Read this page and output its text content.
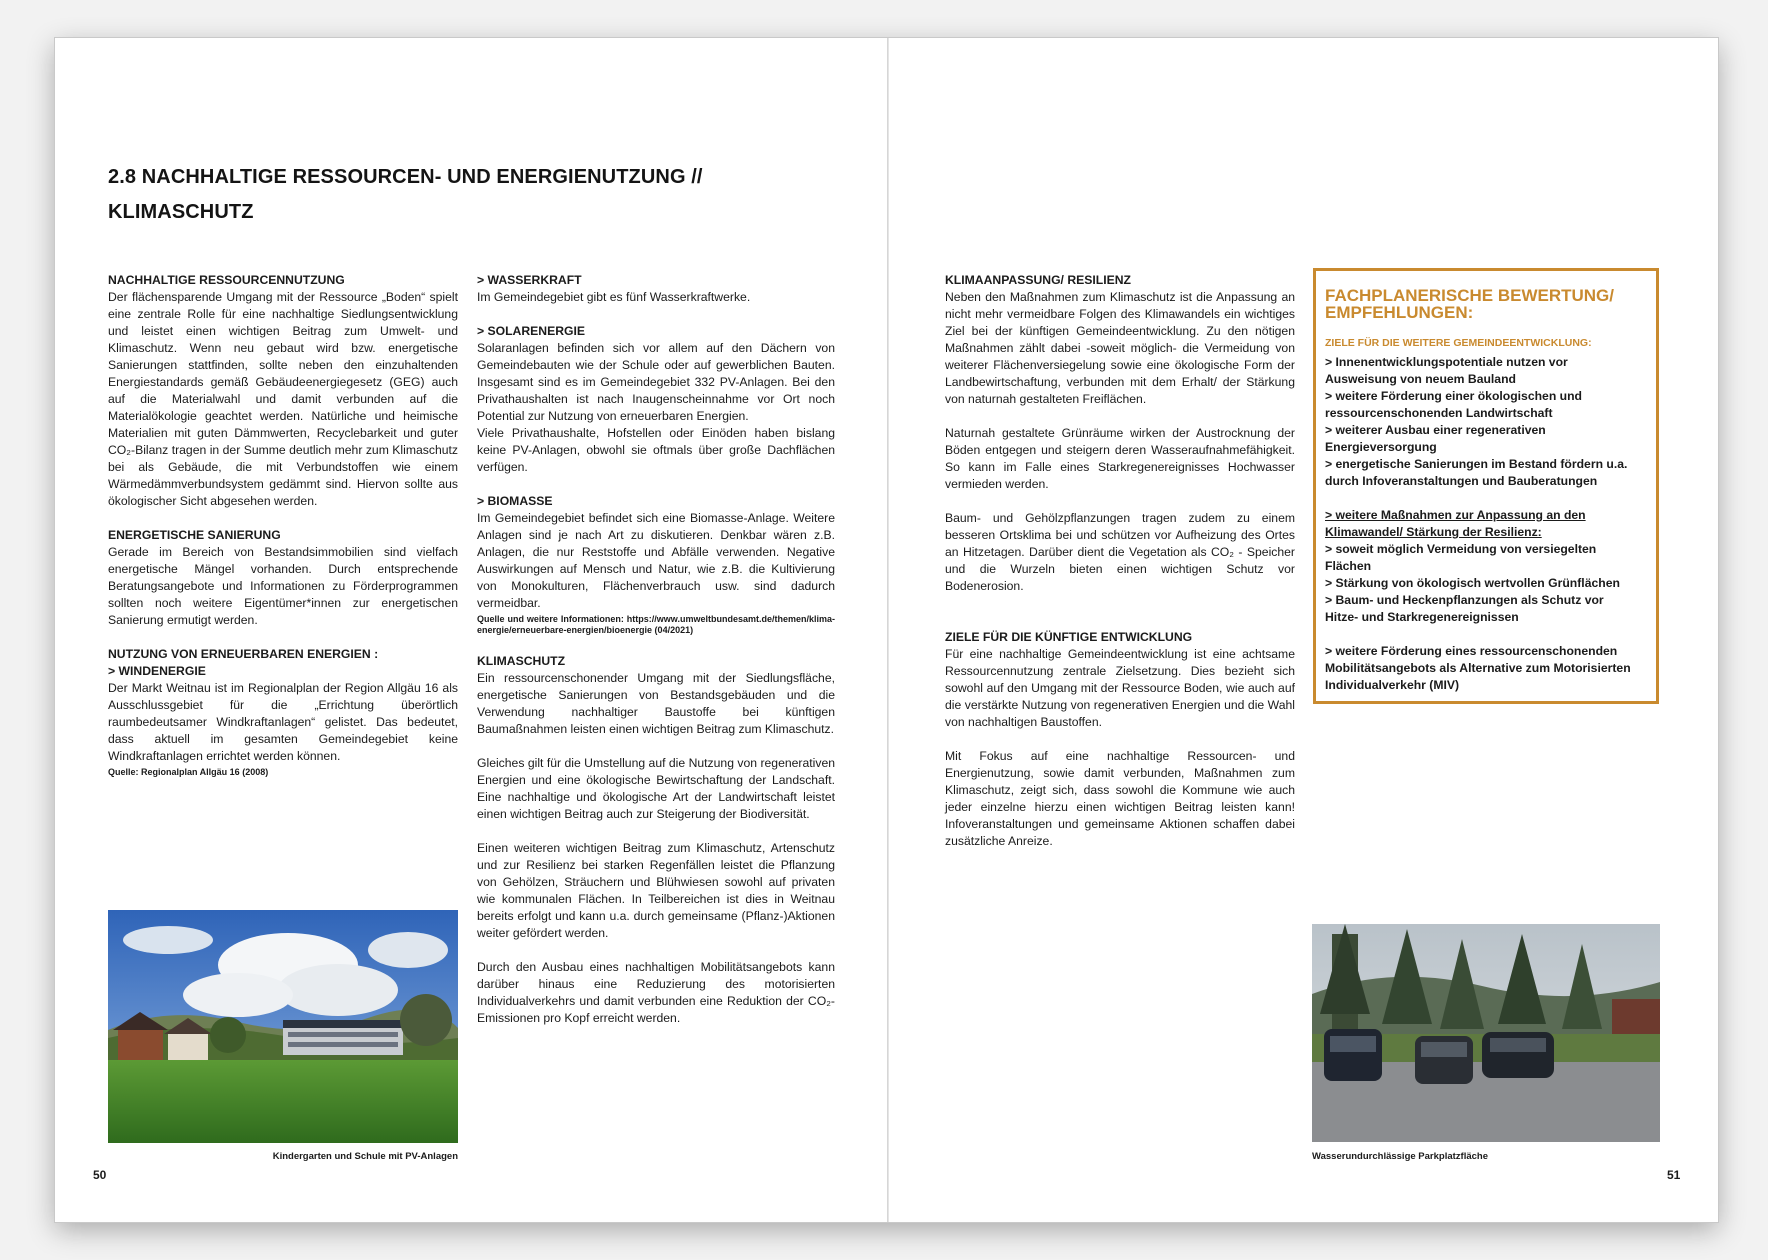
2.8 NACHHALTIGE RESSOURCEN- UND ENERGIENUTZUNG //
KLIMASCHUTZ

NACHHALTIGE RESSOURCENNUTZUNG
Der flächensparende Umgang mit der Ressource „Boden“ spielt eine zentrale Rolle für eine nachhaltige Siedlungsentwicklung und leistet einen wichtigen Beitrag zum Umwelt- und Klimaschutz. Wenn neu gebaut wird bzw. energetische Sanierungen stattfinden, sollte neben den einzuhaltenden Energiestandards gemäß Gebäudeenergiegesetz (GEG) auch auf die Materialwahl und damit verbunden auf die Materialökologie geachtet werden. Natürliche und heimische Materialien mit guten Dämmwerten, Recyclebarkeit und guter CO₂-Bilanz tragen in der Summe deutlich mehr zum Klimaschutz bei als Gebäude, die mit Verbundstoffen wie einem Wärmedämmverbundsystem gedämmt sind. Hiervon sollte aus ökologischer Sicht abgesehen werden.

ENERGETISCHE SANIERUNG
Gerade im Bereich von Bestandsimmobilien sind vielfach energetische Mängel vorhanden. Durch entsprechende Beratungsangebote und Informationen zu Förderprogrammen sollten noch weitere Eigentümer*innen zur energetischen Sanierung ermutigt werden.

NUTZUNG VON ERNEUERBAREN ENERGIEN :
> WINDENERGIE
Der Markt Weitnau ist im Regionalplan der Region Allgäu 16 als Ausschlussgebiet für die „Errichtung überörtlich raumbedeutsamer Windkraftanlagen“ gelistet. Das bedeutet, dass aktuell im gesamten Gemeindegebiet keine Windkraftanlagen errichtet werden können.
Quelle: Regionalplan Allgäu 16 (2008)

Kindergarten und Schule mit PV-Anlagen
50

> WASSERKRAFT
Im Gemeindegebiet gibt es fünf Wasserkraftwerke.

> SOLARENERGIE
Solaranlagen befinden sich vor allem auf den Dächern von Gemeindebauten wie der Schule oder auf gewerblichen Bauten. Insgesamt sind es im Gemeindegebiet 332 PV-Anlagen. Bei den Privathaushalten ist nach Inaugenscheinnahme vor Ort noch Potential zur Nutzung von erneuerbaren Energien.
Viele Privathaushalte, Hofstellen oder Einöden haben bislang keine PV-Anlagen, obwohl sie oftmals über große Dachflächen verfügen.

> BIOMASSE
Im Gemeindegebiet befindet sich eine Biomasse-Anlage. Weitere Anlagen sind je nach Art zu diskutieren. Denkbar wären z.B. Anlagen, die nur Reststoffe und Abfälle verwenden. Negative Auswirkungen auf Mensch und Natur, wie z.B. die Kultivierung von Monokulturen, Flächenverbrauch usw. sind dadurch vermeidbar.
Quelle und weitere Informationen: https://www.umweltbundesamt.de/themen/klima-energie/erneuerbare-energien/bioenergie (04/2021)

KLIMASCHUTZ
Ein ressourcenschonender Umgang mit der Siedlungsfläche, energetische Sanierungen von Bestandsgebäuden und die Verwendung nachhaltiger Baustoffe bei künftigen Baumaßnahmen leisten einen wichtigen Beitrag zum Klimaschutz.

Gleiches gilt für die Umstellung auf die Nutzung von regenerativen Energien und eine ökologische Bewirtschaftung der Landschaft. Eine nachhaltige und ökologische Art der Landwirtschaft leistet einen wichtigen Beitrag auch zur Steigerung der Biodiversität.

Einen weiteren wichtigen Beitrag zum Klimaschutz, Artenschutz und zur Resilienz bei starken Regenfällen leistet die Pflanzung von Gehölzen, Sträuchern und Blühwiesen sowohl auf privaten wie kommunalen Flächen. In Teilbereichen ist dies in Weitnau bereits erfolgt und kann u.a. durch gemeinsame (Pflanz-)Aktionen weiter gefördert werden.

Durch den Ausbau eines nachhaltigen Mobilitätsangebots kann darüber hinaus eine Reduzierung des motorisierten Individualverkehrs und damit verbunden eine Reduktion der CO₂- Emissionen pro Kopf erreicht werden.

KLIMAANPASSUNG/ RESILIENZ
Neben den Maßnahmen zum Klimaschutz ist die Anpassung an nicht mehr vermeidbare Folgen des Klimawandels ein wichtiges Ziel bei der künftigen Gemeindeentwicklung. Zu den nötigen Maßnahmen zählt dabei -soweit möglich- die Vermeidung von weiterer Flächenversiegelung sowie eine ökologische Form der Landbewirtschaftung, verbunden mit dem Erhalt/ der Stärkung von naturnah gestalteten Freiflächen.

Naturnah gestaltete Grünräume wirken der Austrocknung der Böden entgegen und steigern deren Wasseraufnahmefähigkeit. So kann im Falle eines Starkregenereignisses Hochwasser vermieden werden.

Baum- und Gehölzpflanzungen tragen zudem zu einem besseren Ortsklima bei und schützen vor Aufheizung des Ortes an Hitzetagen. Darüber dient die Vegetation als CO₂ - Speicher und die Wurzeln bieten einen wichtigen Schutz vor Bodenerosion.

ZIELE FÜR DIE KÜNFTIGE ENTWICKLUNG
Für eine nachhaltige Gemeindeentwicklung ist eine achtsame Ressourcennutzung zentrale Zielsetzung. Dies bezieht sich sowohl auf den Umgang mit der Ressource Boden, wie auch auf die verstärkte Nutzung von regenerativen Energien und die Wahl von nachhaltigen Baustoffen.

Mit Fokus auf eine nachhaltige Ressourcen- und Energienutzung, sowie damit verbunden, Maßnahmen zum Klimaschutz, zeigt sich, dass sowohl die Kommune wie auch jeder einzelne hierzu einen wichtigen Beitrag leisten kann! Infoveranstaltungen und gemeinsame Aktionen schaffen dabei zusätzliche Anreize.

FACHPLANERISCHE BEWERTUNG/
EMPFEHLUNGEN:
ZIELE FÜR DIE WEITERE GEMEINDEENTWICKLUNG:
> Innenentwicklungspotentiale nutzen vor
Ausweisung von neuem Bauland
> weitere Förderung einer ökologischen und
ressourcenschonenden Landwirtschaft
> weiterer Ausbau einer regenerativen
Energieversorgung
> energetische Sanierungen im Bestand fördern u.a.
durch Infoveranstaltungen und Bauberatungen
> weitere Maßnahmen zur Anpassung an den
Klimawandel/ Stärkung der Resilienz:
> soweit möglich Vermeidung von versiegelten
Flächen
> Stärkung von ökologisch wertvollen Grünflächen
> Baum- und Heckenpflanzungen als Schutz vor
Hitze- und Starkregenereignissen
> weitere Förderung eines ressourcenschonenden
Mobilitätsangebots als Alternative zum Motorisierten
Individualverkehr (MIV)
Wasserundurchlässige Parkplatzfläche
51
